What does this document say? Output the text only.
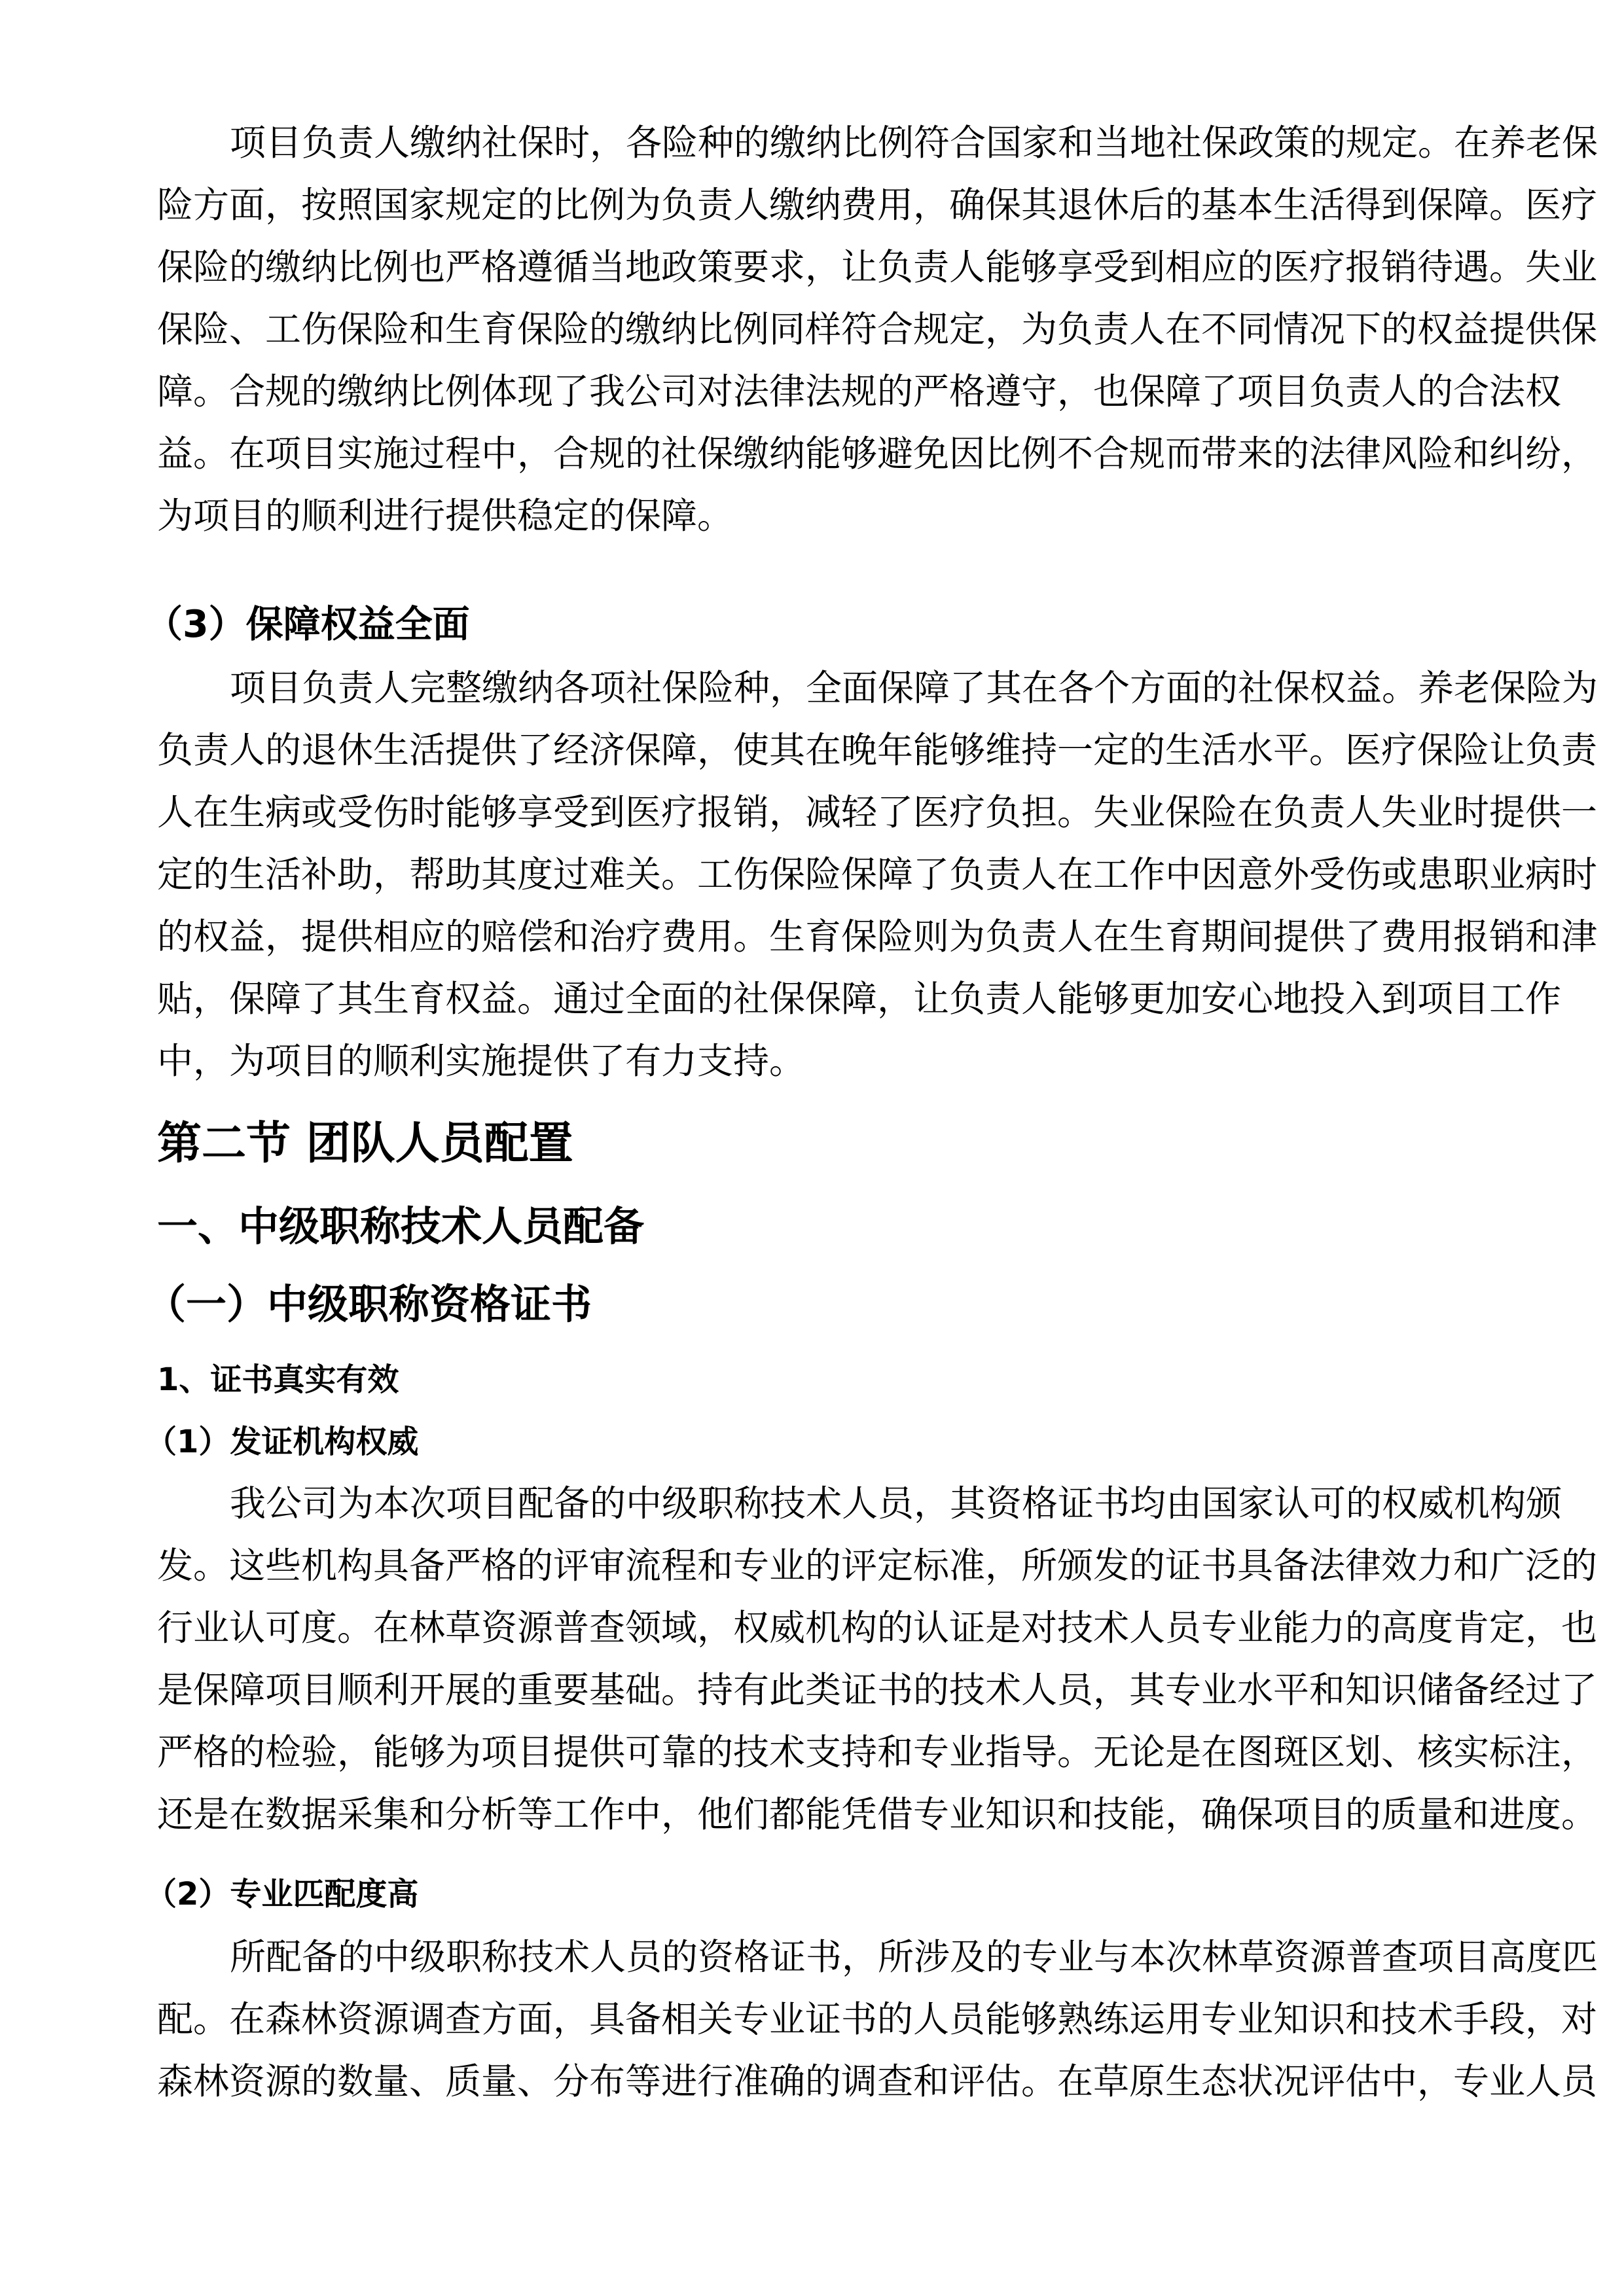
项目负责人缴纳社保时，各险种的缴纳比例符合国家和当地社保政策的规定。在养老保
险方面，按照国家规定的比例为负责人缴纳费用，确保其退休后的基本生活得到保障。医疗
保险的缴纳比例也严格遵循当地政策要求，让负责人能够享受到相应的医疗报销待遇。失业
保险、工伤保险和生育保险的缴纳比例同样符合规定，为负责人在不同情况下的权益提供保
障。合规的缴纳比例体现了我公司对法律法规的严格遵守，也保障了项目负责人的合法权
益。在项目实施过程中，合规的社保缴纳能够避免因比例不合规而带来的法律风险和纠纷，
为项目的顺利进行提供稳定的保障。
（3）保障权益全面
项目负责人完整缴纳各项社保险种，全面保障了其在各个方面的社保权益。养老保险为
负责人的退休生活提供了经济保障，使其在晚年能够维持一定的生活水平。医疗保险让负责
人在生病或受伤时能够享受到医疗报销，减轻了医疗负担。失业保险在负责人失业时提供一
定的生活补助，帮助其度过难关。工伤保险保障了负责人在工作中因意外受伤或患职业病时
的权益，提供相应的赔偿和治疗费用。生育保险则为负责人在生育期间提供了费用报销和津
贴，保障了其生育权益。通过全面的社保保障，让负责人能够更加安心地投入到项目工作
中，为项目的顺利实施提供了有力支持。
第二节 团队人员配置
一、中级职称技术人员配备
（一）中级职称资格证书
1、证书真实有效
（1）发证机构权威
我公司为本次项目配备的中级职称技术人员，其资格证书均由国家认可的权威机构颁
发。这些机构具备严格的评审流程和专业的评定标准，所颁发的证书具备法律效力和广泛的
行业认可度。在林草资源普查领域，权威机构的认证是对技术人员专业能力的高度肯定，也
是保障项目顺利开展的重要基础。持有此类证书的技术人员，其专业水平和知识储备经过了
严格的检验，能够为项目提供可靠的技术支持和专业指导。无论是在图斑区划、核实标注，
还是在数据采集和分析等工作中，他们都能凭借专业知识和技能，确保项目的质量和进度。
（2）专业匹配度高
所配备的中级职称技术人员的资格证书，所涉及的专业与本次林草资源普查项目高度匹
配。在森林资源调查方面，具备相关专业证书的人员能够熟练运用专业知识和技术手段，对
森林资源的数量、质量、分布等进行准确的调查和评估。在草原生态状况评估中，专业人员
